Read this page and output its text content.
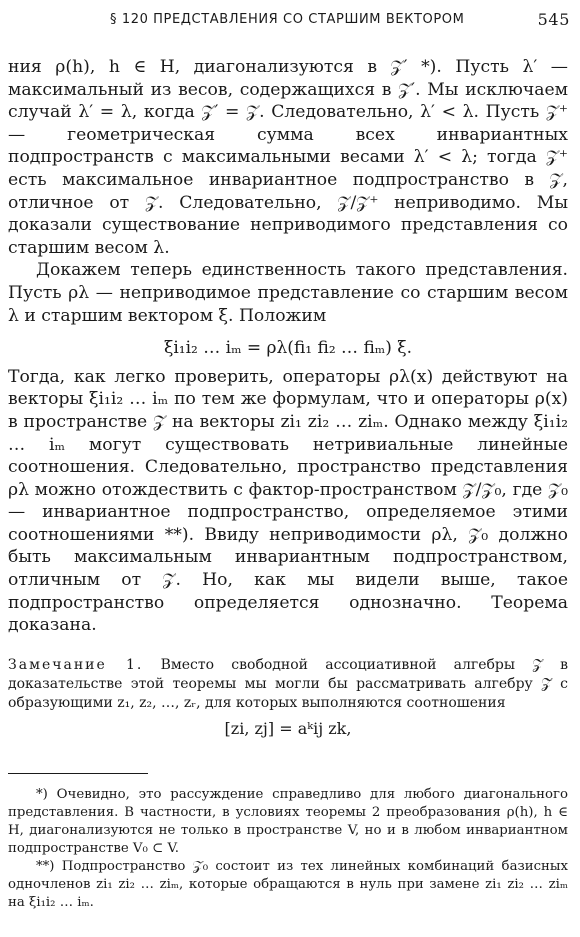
§ 120 ПРЕДСТАВЛЕНИЯ СО СТАРШИМ ВЕКТОРОМ	545

ния ρ(h), h ∈ H, диагонализуются в 𝒵′ *). Пусть λ′ — максимальный из весов, содержащихся в 𝒵′. Мы исключаем случай λ′ = λ, когда 𝒵′ = 𝒵. Следовательно, λ′ < λ. Пусть 𝒵⁺ — геометрическая сумма всех инвариантных подпространств с максимальными весами λ′ < λ; тогда 𝒵⁺ есть максимальное инвариантное подпространство в 𝒵, отличное от 𝒵. Следовательно, 𝒵/𝒵⁺ неприводимо. Мы доказали существование неприводимого представления со старшим весом λ.

Докажем теперь единственность такого представления. Пусть ρλ — неприводимое представление со старшим весом λ и старшим вектором ξ. Положим

ξi₁i₂ … iₘ = ρλ(fi₁ fi₂ … fiₘ) ξ.

Тогда, как легко проверить, операторы ρλ(x) действуют на векторы ξi₁i₂ … iₘ по тем же формулам, что и операторы ρ(x) в пространстве 𝒵 на векторы zi₁ zi₂ … ziₘ. Однако между ξi₁i₂ … iₘ могут существовать нетривиальные линейные соотношения. Следовательно, пространство представления ρλ можно отождествить с фактор-пространством 𝒵/𝒵₀, где 𝒵₀ — инвариантное подпространство, определяемое этими соотношениями **). Ввиду неприводимости ρλ, 𝒵₀ должно быть максимальным инвариантным подпространством, отличным от 𝒵. Но, как мы видели выше, такое подпространство определяется однозначно. Теорема доказана.

Замечание 1. Вместо свободной ассоциативной алгебры 𝒵 в доказательстве этой теоремы мы могли бы рассматривать алгебру 𝒵̃ с образующими z₁, z₂, …, zᵣ, для которых выполняются соотношения
[zi, zj] = aᵏij zk,

*) Очевидно, это рассуждение справедливо для любого диагонального представления. В частности, в условиях теоремы 2 преобразования ρ(h), h ∈ H, диагонализуются не только в пространстве V, но и в любом инвариантном подпространстве V₀ ⊂ V.

**) Подпространство 𝒵₀ состоит из тех линейных комбинаций базисных одночленов zi₁ zi₂ … ziₘ, которые обращаются в нуль при замене zi₁ zi₂ … ziₘ на ξi₁i₂ … iₘ.
